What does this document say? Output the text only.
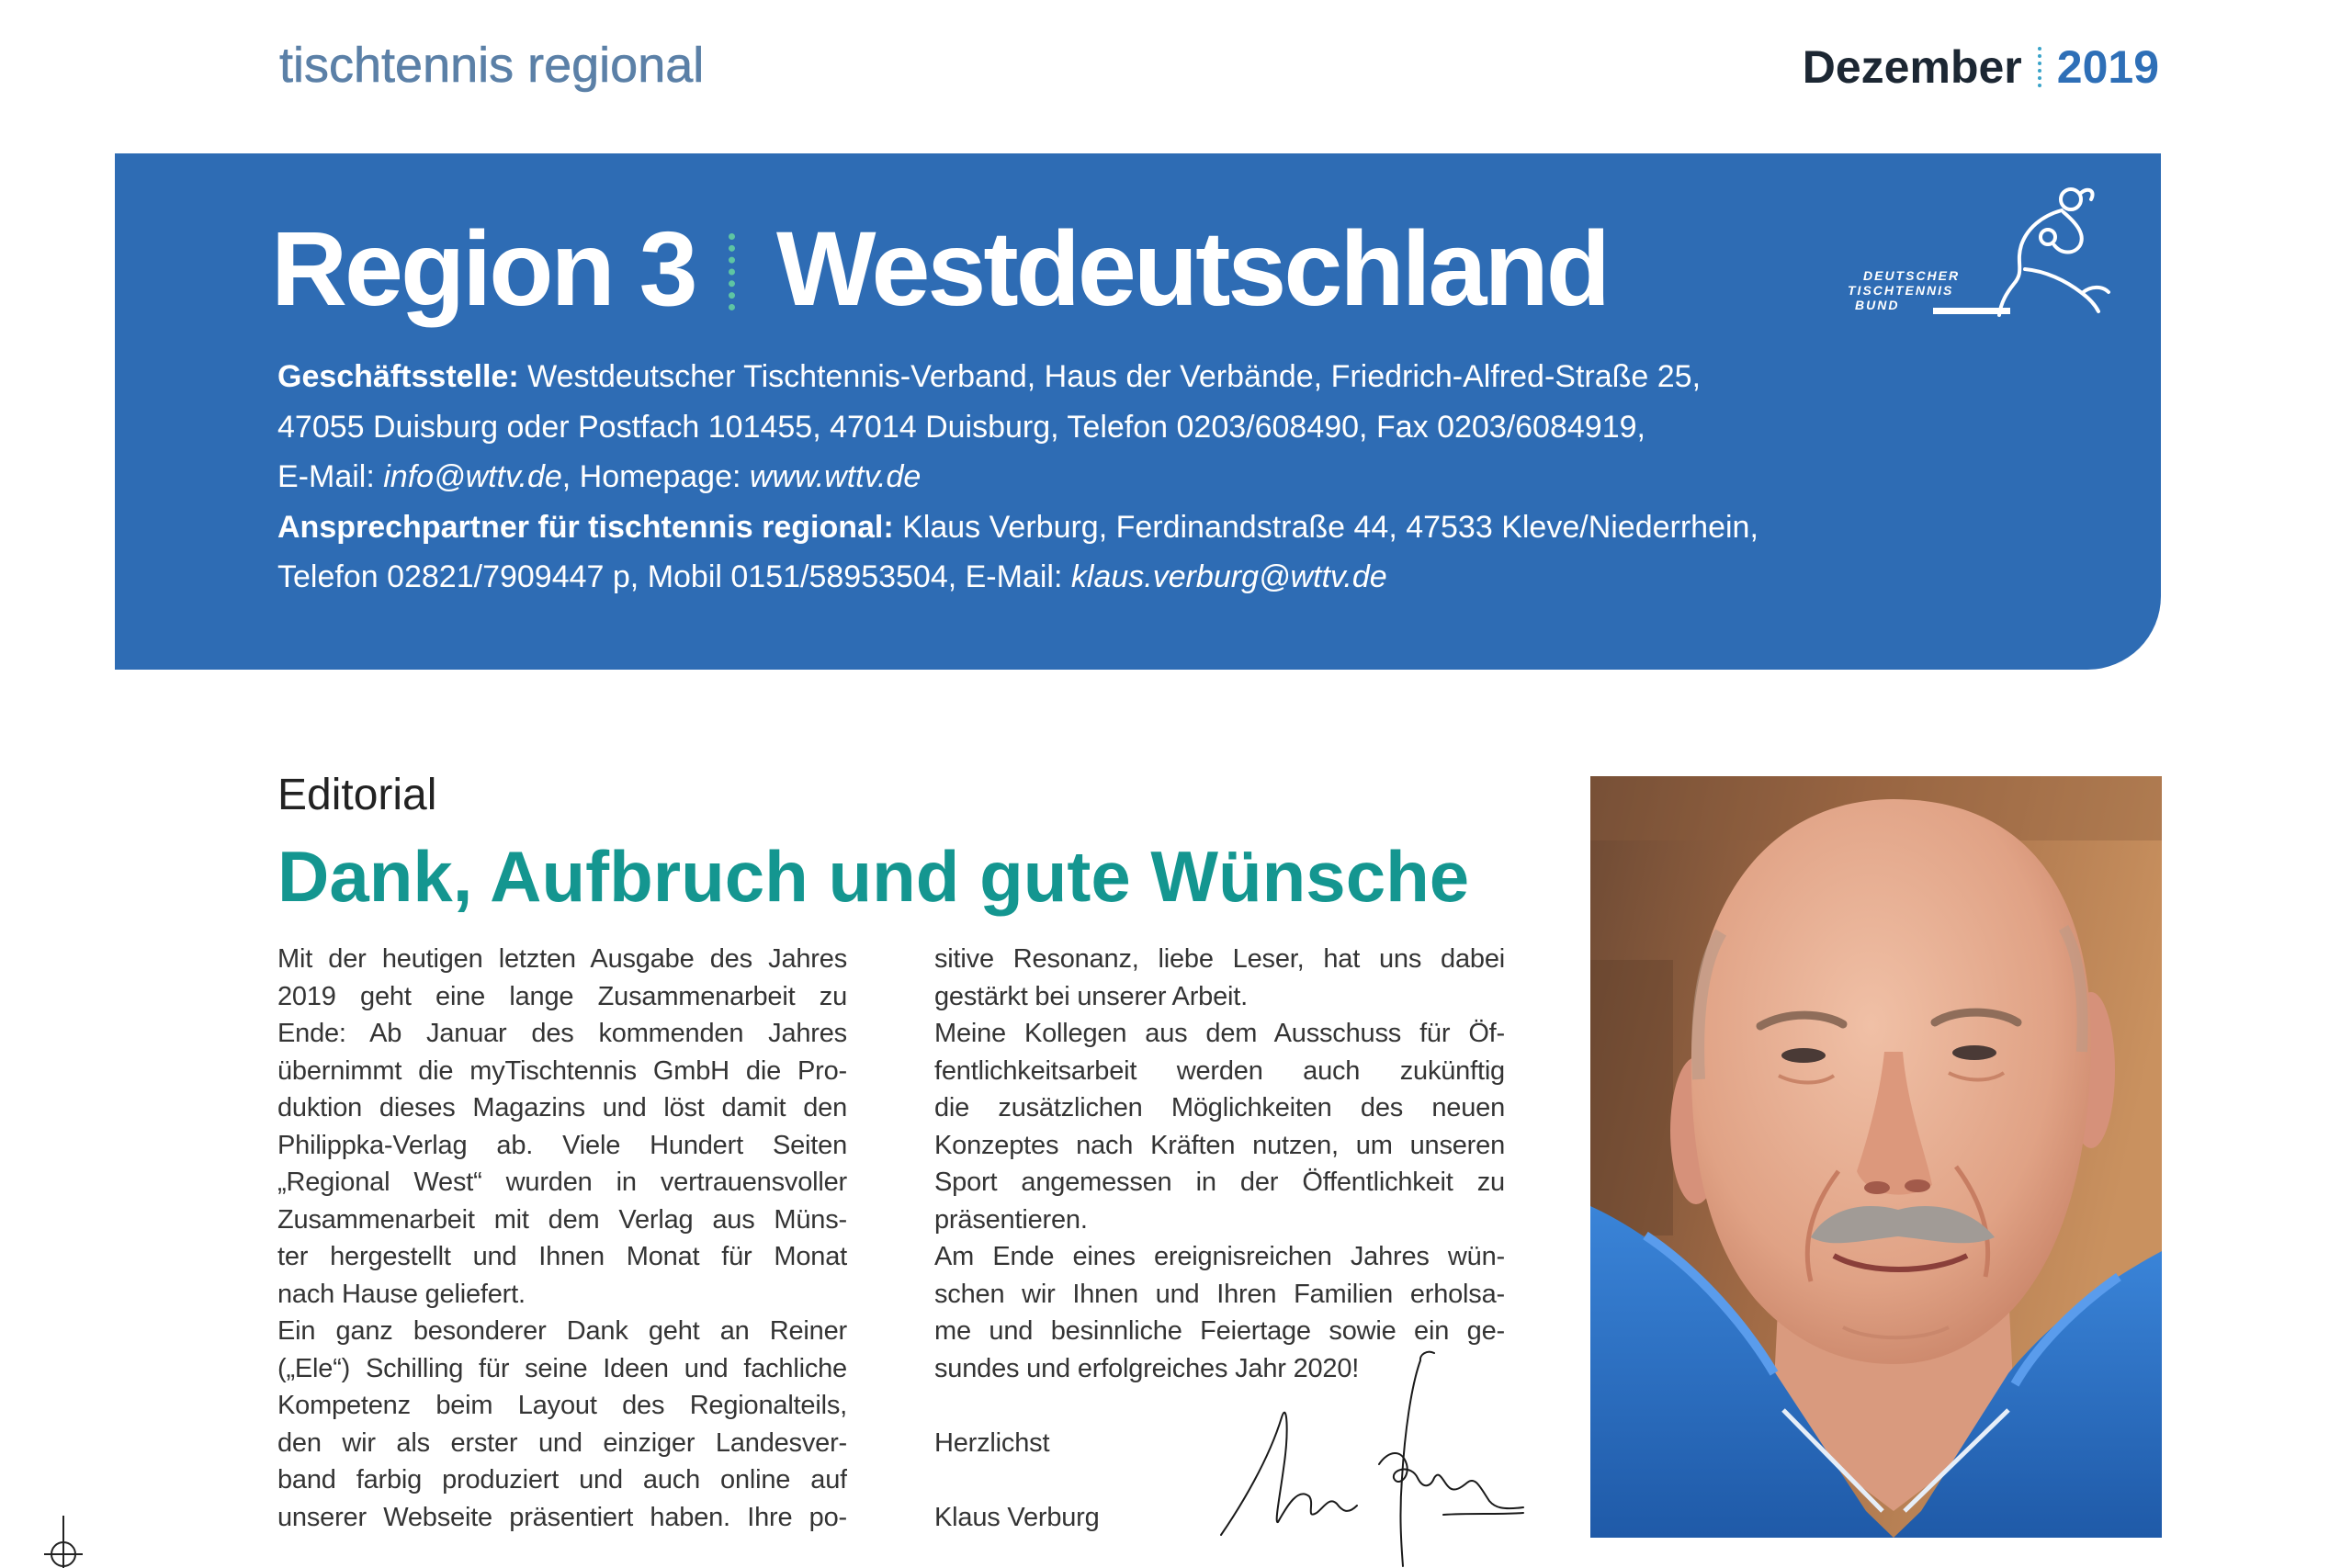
tischtennis regional	Dezember 2019
Region 3 Westdeutschland	DEUTSCHER
TISCHTENNIS
BUND
Geschäftsstelle: Westdeutscher Tischtennis-Verband, Haus der Verbände, Friedrich-Alfred-Straße 25,
47055 Duisburg oder Postfach 101455, 47014 Duisburg, Telefon 0203/608490, Fax 0203/6084919,
E-Mail: info@wttv.de, Homepage: www.wttv.de
Ansprechpartner für tischtennis regional: Klaus Verburg, Ferdinandstraße 44, 47533 Kleve/Niederrhein,
Telefon 02821/7909447 p, Mobil 0151/58953504, E-Mail: klaus.verburg@wttv.de
Editorial
Dank, Aufbruch und gute Wünsche
Mit der heutigen letzten Ausgabe des Jahres
2019 geht eine lange Zusammenarbeit zu
Ende: Ab Januar des kommenden Jahres
übernimmt die myTischtennis GmbH die Pro-
duktion dieses Magazins und löst damit den
Philippka-Verlag ab. Viele Hundert Seiten
„Regional West“ wurden in vertrauensvoller
Zusammenarbeit mit dem Verlag aus Müns-
ter hergestellt und Ihnen Monat für Monat
nach Hause geliefert.
Ein ganz besonderer Dank geht an Reiner
(„Ele“) Schilling für seine Ideen und fachliche
Kompetenz beim Layout des Regionalteils,
den wir als erster und einziger Landesver-
band farbig produziert und auch online auf
unserer Webseite präsentiert haben. Ihre po-
sitive Resonanz, liebe Leser, hat uns dabei
gestärkt bei unserer Arbeit.
Meine Kollegen aus dem Ausschuss für Öf-
fentlichkeitsarbeit werden auch zukünftig
die zusätzlichen Möglichkeiten des neuen
Konzeptes nach Kräften nutzen, um unseren
Sport angemessen in der Öffentlichkeit zu
präsentieren.
Am Ende eines ereignisreichen Jahres wün-
schen wir Ihnen und Ihren Familien erholsa-
me und besinnliche Feiertage sowie ein ge-
sundes und erfolgreiches Jahr 2020!
Herzlichst
Klaus Verburg
